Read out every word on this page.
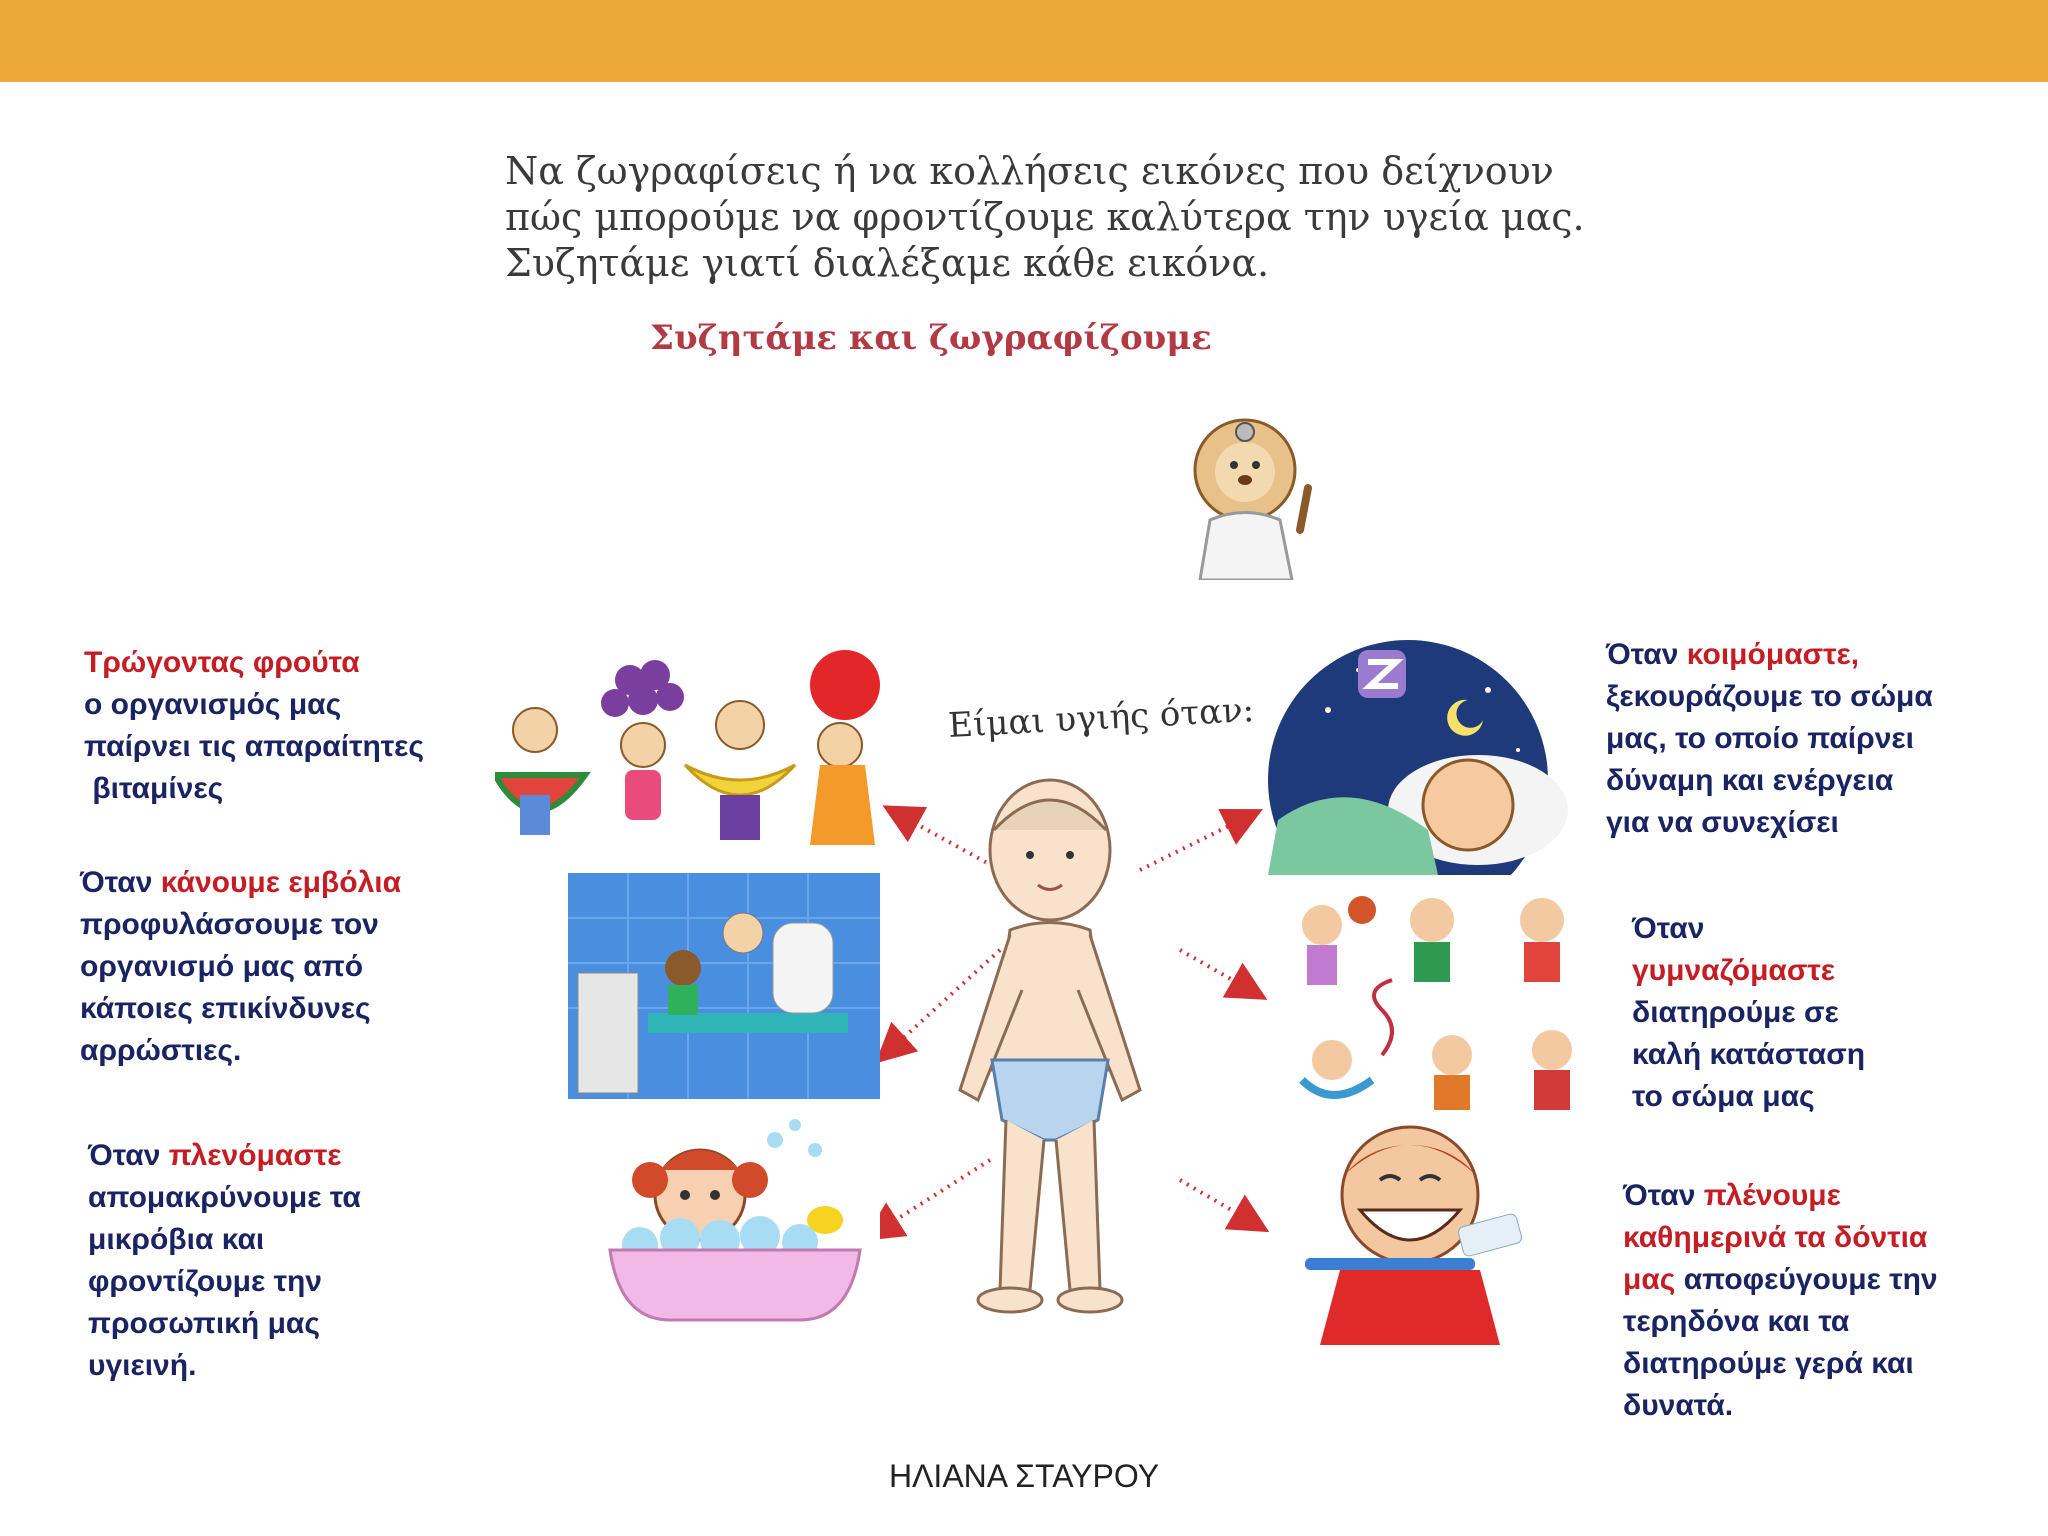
Να ζωγραφίσεις ή να κολλήσεις εικόνες που δείχνουν
πώς μπορούμε να φροντίζουμε καλύτερα την υγεία μας.
Συζητάμε γιατί διαλέξαμε κάθε εικόνα.
Συζητάμε και ζωγραφίζουμε
Τρώγοντας φρούτα
ο οργανισμός μας
παίρνει τις απαραίτητες
βιταμίνες
Όταν κάνουμε εμβόλια
προφυλάσσουμε τον
οργανισμό μας από
κάποιες επικίνδυνες
αρρώστιες.
Όταν πλενόμαστε
απομακρύνουμε τα
μικρόβια και
φροντίζουμε την
προσωπική μας
υγιεινή.
Όταν κοιμόμαστε,
ξεκουράζουμε το σώμα
μας, το οποίο παίρνει
δύναμη και ενέργεια
για να συνεχίσει
Όταν
γυμναζόμαστε
διατηρούμε σε
καλή κατάσταση
το σώμα μας
Όταν πλένουμε
καθημερινά τα δόντια
μας αποφεύγουμε την
τερηδόνα και τα
διατηρούμε γερά και
δυνατά.
Είμαι υγιής όταν:
ΗΛΙΑΝΑ ΣΤΑΥΡΟΥ
